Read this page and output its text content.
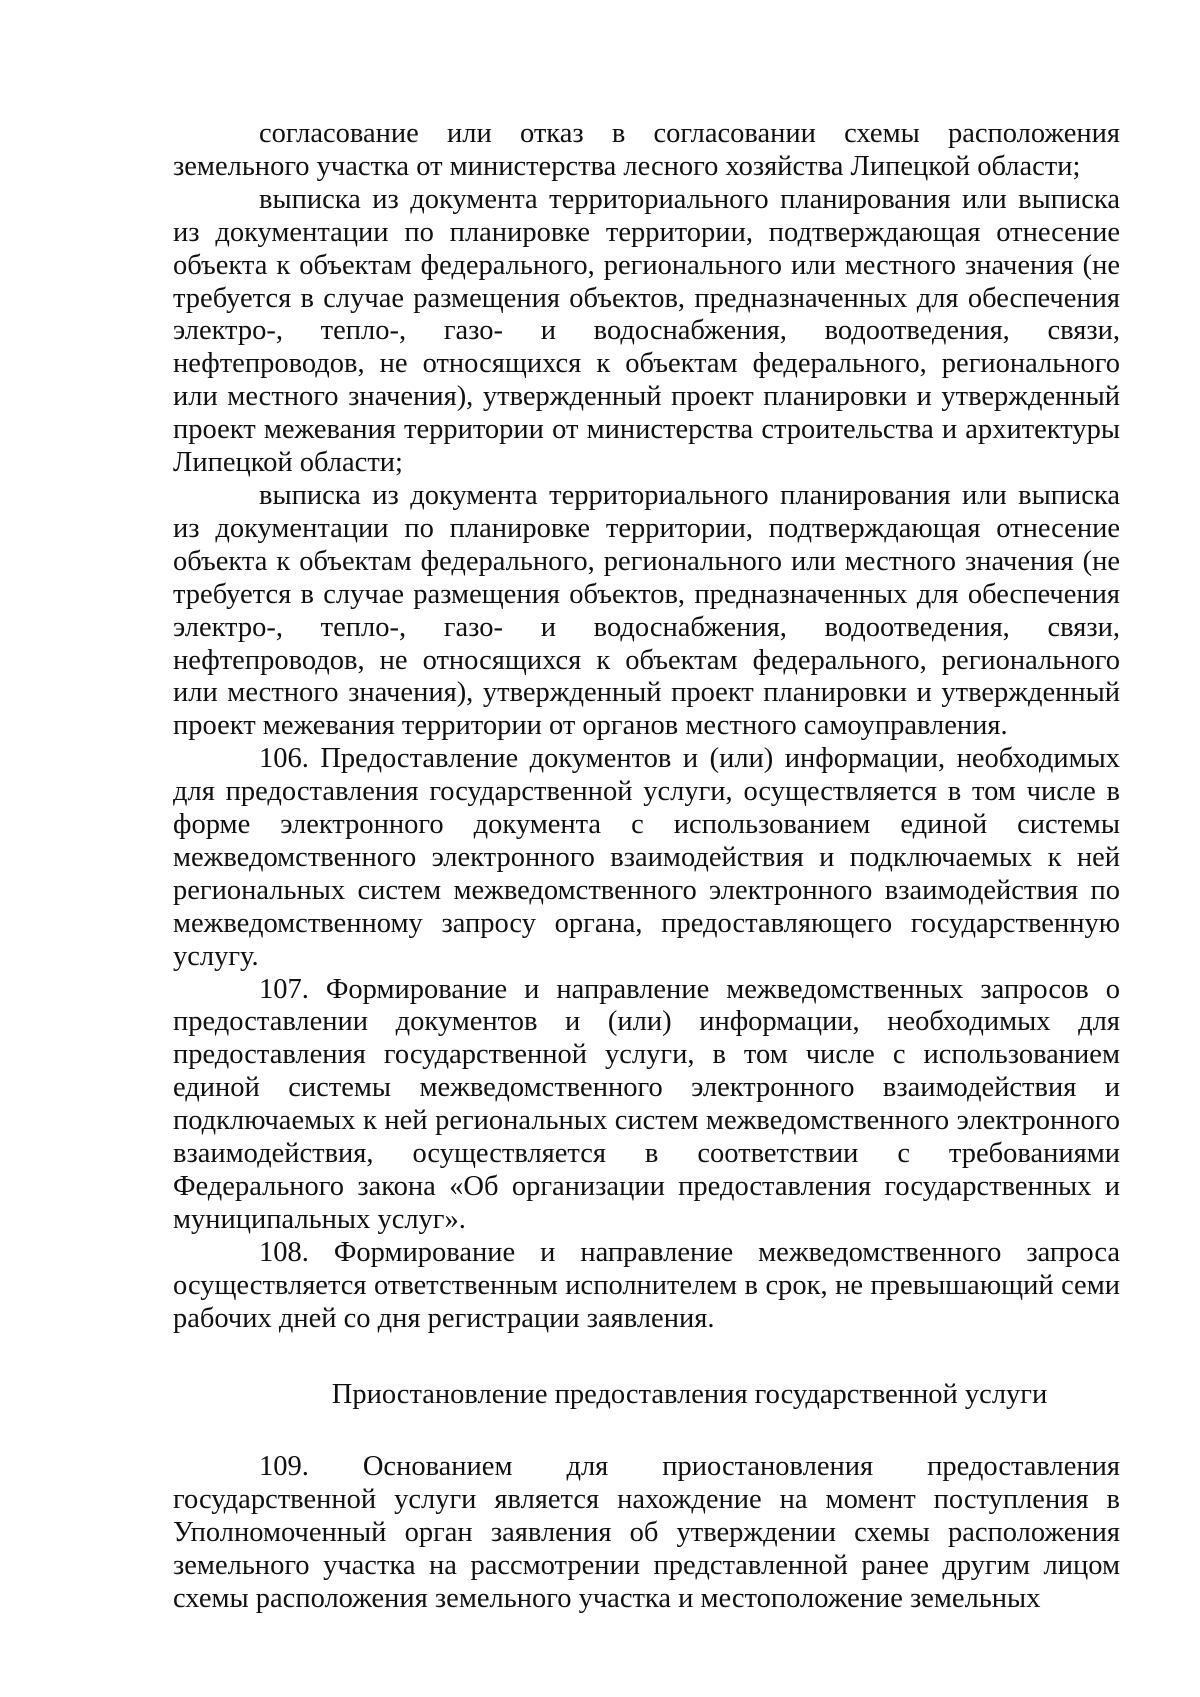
согласование или отказ в согласовании схемы расположения земельного участка от министерства лесного хозяйства Липецкой области;

выписка из документа территориального планирования или выписка из документации по планировке территории, подтверждающая отнесение объекта к объектам федерального, регионального или местного значения (не требуется в случае размещения объектов, предназначенных для обеспечения электро-, тепло-, газо- и водоснабжения, водоотведения, связи, нефтепроводов, не относящихся к объектам федерального, регионального или местного значения), утвержденный проект планировки и утвержденный проект межевания территории от министерства строительства и архитектуры Липецкой области;

выписка из документа территориального планирования или выписка из документации по планировке территории, подтверждающая отнесение объекта к объектам федерального, регионального или местного значения (не требуется в случае размещения объектов, предназначенных для обеспечения электро-, тепло-, газо- и водоснабжения, водоотведения, связи, нефтепроводов, не относящихся к объектам федерального, регионального или местного значения), утвержденный проект планировки и утвержденный проект межевания территории от органов местного самоуправления.

106. Предоставление документов и (или) информации, необходимых для предоставления государственной услуги, осуществляется в том числе в форме электронного документа с использованием единой системы межведомственного электронного взаимодействия и подключаемых к ней региональных систем межведомственного электронного взаимодействия по межведомственному запросу органа, предоставляющего государственную услугу.

107. Формирование и направление межведомственных запросов о предоставлении документов и (или) информации, необходимых для предоставления государственной услуги, в том числе с использованием единой системы межведомственного электронного взаимодействия и подключаемых к ней региональных систем межведомственного электронного взаимодействия, осуществляется в соответствии с требованиями Федерального закона «Об организации предоставления государственных и муниципальных услуг».

108. Формирование и направление межведомственного запроса осуществляется ответственным исполнителем в срок, не превышающий семи рабочих дней со дня регистрации заявления.

Приостановление предоставления государственной услуги

109. Основанием для приостановления предоставления государственной услуги является нахождение на момент поступления в Уполномоченный орган заявления об утверждении схемы расположения земельного участка на рассмотрении представленной ранее другим лицом схемы расположения земельного участка и местоположение земельных
